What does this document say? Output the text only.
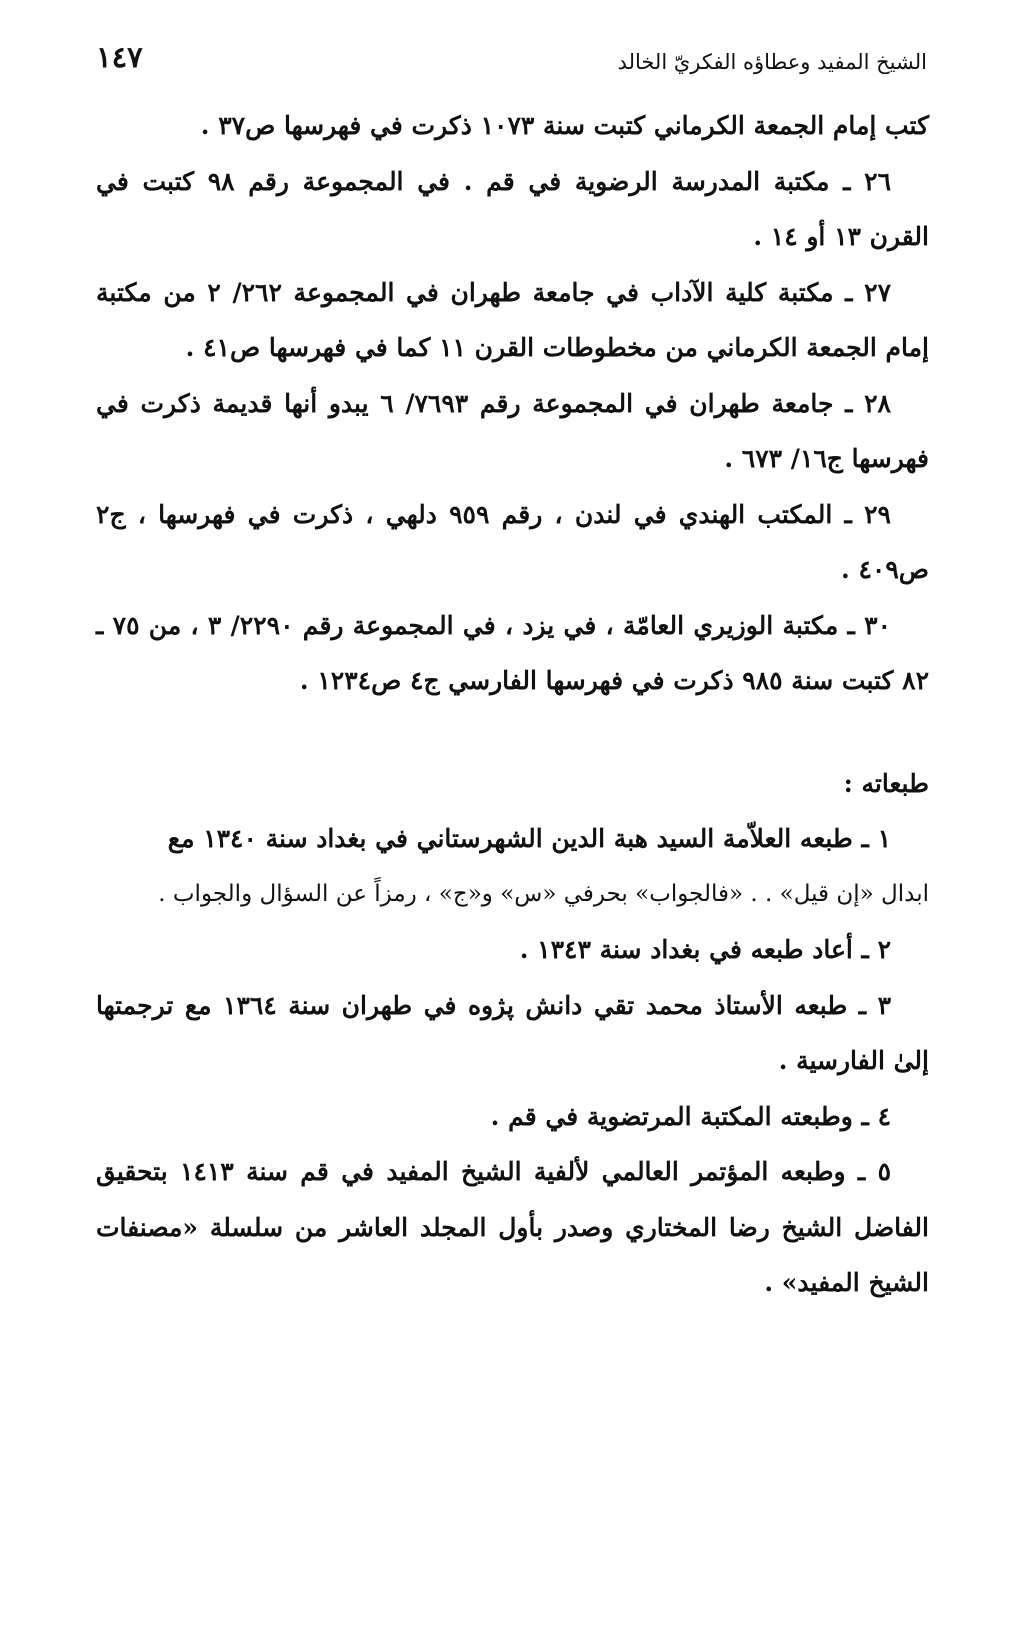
الشيخ المفيد وعطاؤه الفكريّ الخالد
١٤٧

كتب إمام الجمعة الكرماني كتبت سنة ١٠٧٣ ذكرت في فهرسها ص٣٧ .

٢٦ ـ مكتبة المدرسة الرضوية في قم . في المجموعة رقم ٩٨ كتبت في القرن ١٣ أو ١٤ .

٢٧ ـ مكتبة كلية الآداب في جامعة طهران في المجموعة ٢٦٢/ ٢ من مكتبة إمام الجمعة الكرماني من مخطوطات القرن ١١ كما في فهرسها ص٤١ .

٢٨ ـ جامعة طهران في المجموعة رقم ٧٦٩٣/ ٦ يبدو أنها قديمة ذكرت في فهرسها ج١٦/ ٦٧٣ .

٢٩ ـ المكتب الهندي في لندن ، رقم ٩٥٩ دلهي ، ذكرت في فهرسها ، ج٢ ص٤٠٩ .

٣٠ ـ مكتبة الوزيري العامّة ، في يزد ، في المجموعة رقم ٢٢٩٠/ ٣ ، من ٧٥ ـ ٨٢ كتبت سنة ٩٨٥ ذكرت في فهرسها الفارسي ج٤ ص١٢٣٤ .

طبعاته :

١ ـ طبعه العلاّمة السيد هبة الدين الشهرستاني في بغداد سنة ١٣٤٠ مع

ابدال «إن قيل» . . «فالجواب» بحرفي «س» و«ج» ، رمزاً عن السؤال والجواب .

٢ ـ أعاد طبعه في بغداد سنة ١٣٤٣ .

٣ ـ طبعه الأستاذ محمد تقي دانش پژوه في طهران سنة ١٣٦٤ مع ترجمتها إلىٰ الفارسية .

٤ ـ وطبعته المكتبة المرتضوية في قم .

٥ ـ وطبعه المؤتمر العالمي لألفية الشيخ المفيد في قم سنة ١٤١٣ بتحقيق الفاضل الشيخ رضا المختاري وصدر بأول المجلد العاشر من سلسلة «مصنفات الشيخ المفيد» .
